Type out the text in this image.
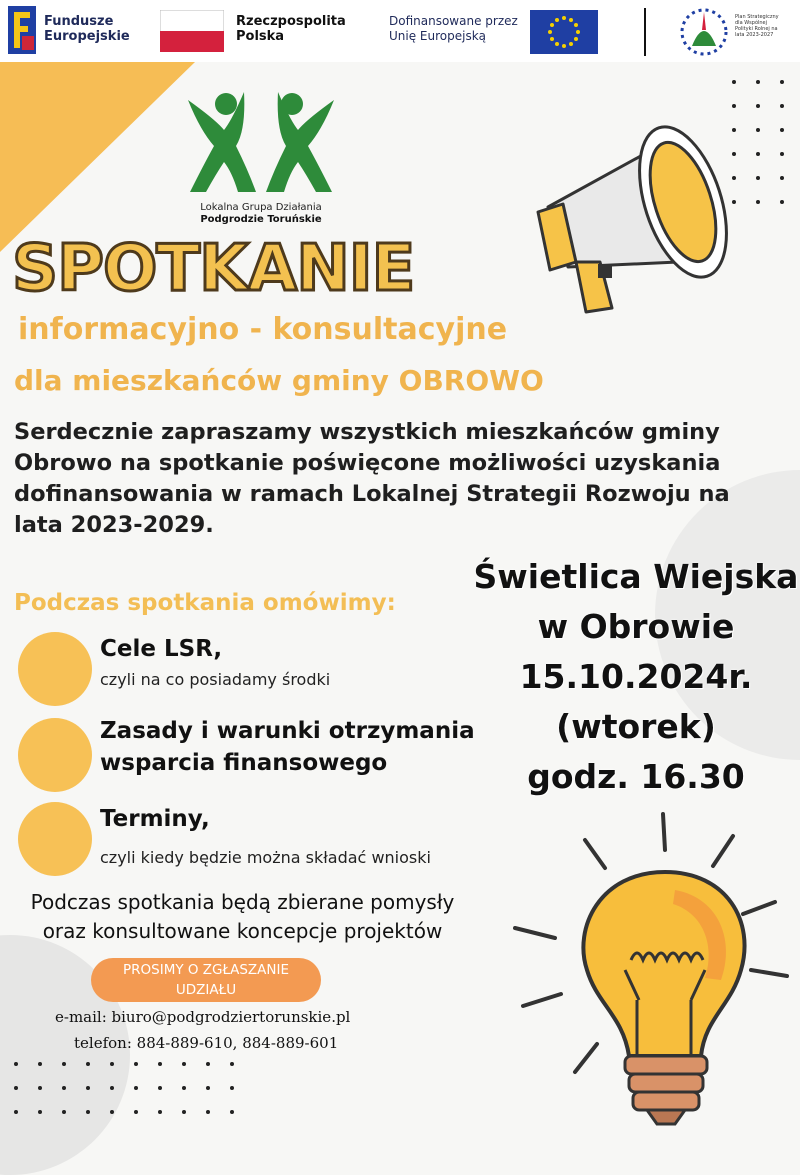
Fundusze Europejskie
Rzeczpospolita Polska
Dofinansowane przez Unię Europejską
Plan Strategiczny dla Wspólnej Polityki Rolnej na lata 2023-2027
Lokalna Grupa Działania
Podgrodzie Toruńskie
SPOTKANIE
informacyjno - konsultacyjne
dla mieszkańców gminy OBROWO
Serdecznie zapraszamy wszystkich mieszkańców gminy Obrowo na spotkanie poświęcone możliwości uzyskania dofinansowania w ramach Lokalnej Strategii Rozwoju na lata 2023-2029.
Podczas spotkania omówimy:
Cele LSR,
czyli na co posiadamy środki
Zasady i warunki otrzymania
wsparcia finansowego
Terminy,
czyli kiedy będzie można składać wnioski
Świetlica Wiejska
w Obrowie
15.10.2024r.
(wtorek)
godz. 16.30
Podczas spotkania będą zbierane pomysły
oraz konsultowane koncepcje projektów
PROSIMY O ZGŁASZANIE
UDZIAŁU
e-mail: biuro@podgrodziertorunskie.pl
telefon: 884-889-610, 884-889-601
